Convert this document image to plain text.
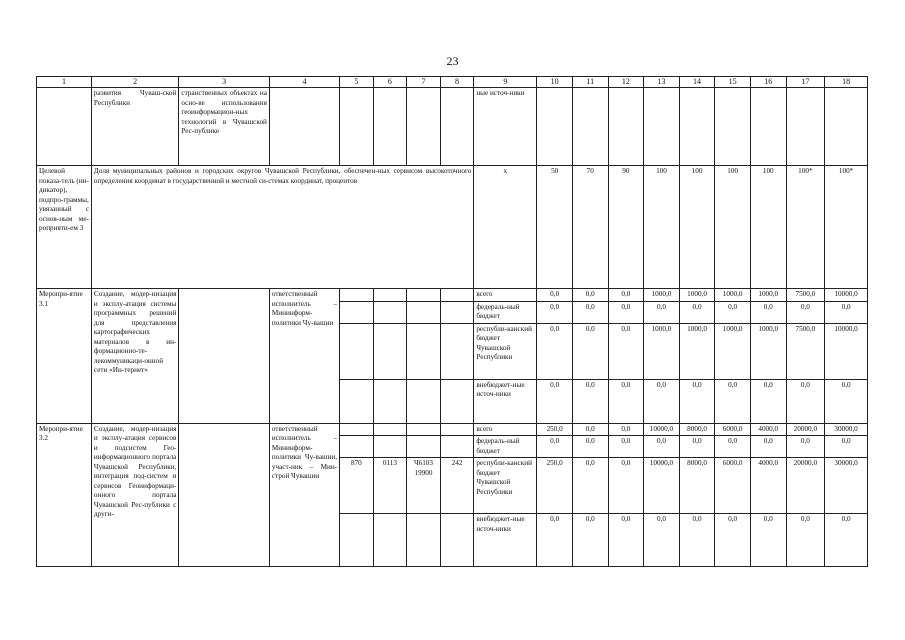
23
1	2	3	4	5	6	7	8	9	10	11	12	13	14	15	16	17	18
	развития Чуваш-ской Республики	странственных объектах на осно-ве использования геоинформацион-ных технологий в Чувашской Рес-публике						ные источ-ники									
Целевой показа-тель (ин-дикатор), подпро-граммы, увязанный с основ-ным ме-роприяти-ем 3	Доля муниципальных районов и городских округов Чувашской Республики, обеспечен-ных сервисом высокоточного определения координат в государственной и местной си-стемах координат, процентов							х	50	70	90	100	100	100	100	100*	100*
Меропри-ятие 3.1	Создание, модер-низация и эксплу-атация системы программных решений для представления картографических материалов в ин-формационно-те-лекоммуникаци-онной сети «Ин-тернет»		ответственный исполнитель – Мининформ-политики Чу-вашии					всего	0,0	0,0	0,0	1000,0	1000,0	1000,0	1000,0	7500,0	10000,0
								федераль-ный бюджет	0,0	0,0	0,0	0,0	0,0	0,0	0,0	0,0	0,0
								республи-канский бюджет Чувашской Республики	0,0	0,0	0,0	1000,0	1000,0	1000,0	1000,0	7500,0	10000,0
								внебюджет-ные источ-ники	0,0	0,0	0,0	0,0	0,0	0,0	0,0	0,0	0,0
Меропри-ятие 3.2	Создание, модер-низация и эксплу-атация сервисов и подсистем Гео-информационного портала Чувашской Республики, интеграция под-систем и сервисов Геоинформаци-онного портала Чувашской Рес-публики с други-		ответственный исполнитель – Мининформ-политики Чу-вашии, участ-ник – Мин-строй Чувашии					всего	250,0	0,0	0,0	10000,0	8000,0	6000,0	4000,0	20000,0	30000,0
								федераль-ный бюджет	0,0	0,0	0,0	0,0	0,0	0,0	0,0	0,0	0,0
				870	0113	Ч6103 19900	242	республи-канский бюджет Чувашской Республики	250,0	0,0	0,0	10000,0	8000,0	6000,0	4000,0	20000,0	30000,0
								внебюджет-ные источ-ники	0,0	0,0	0,0	0,0	0,0	0,0	0,0	0,0	0,0
